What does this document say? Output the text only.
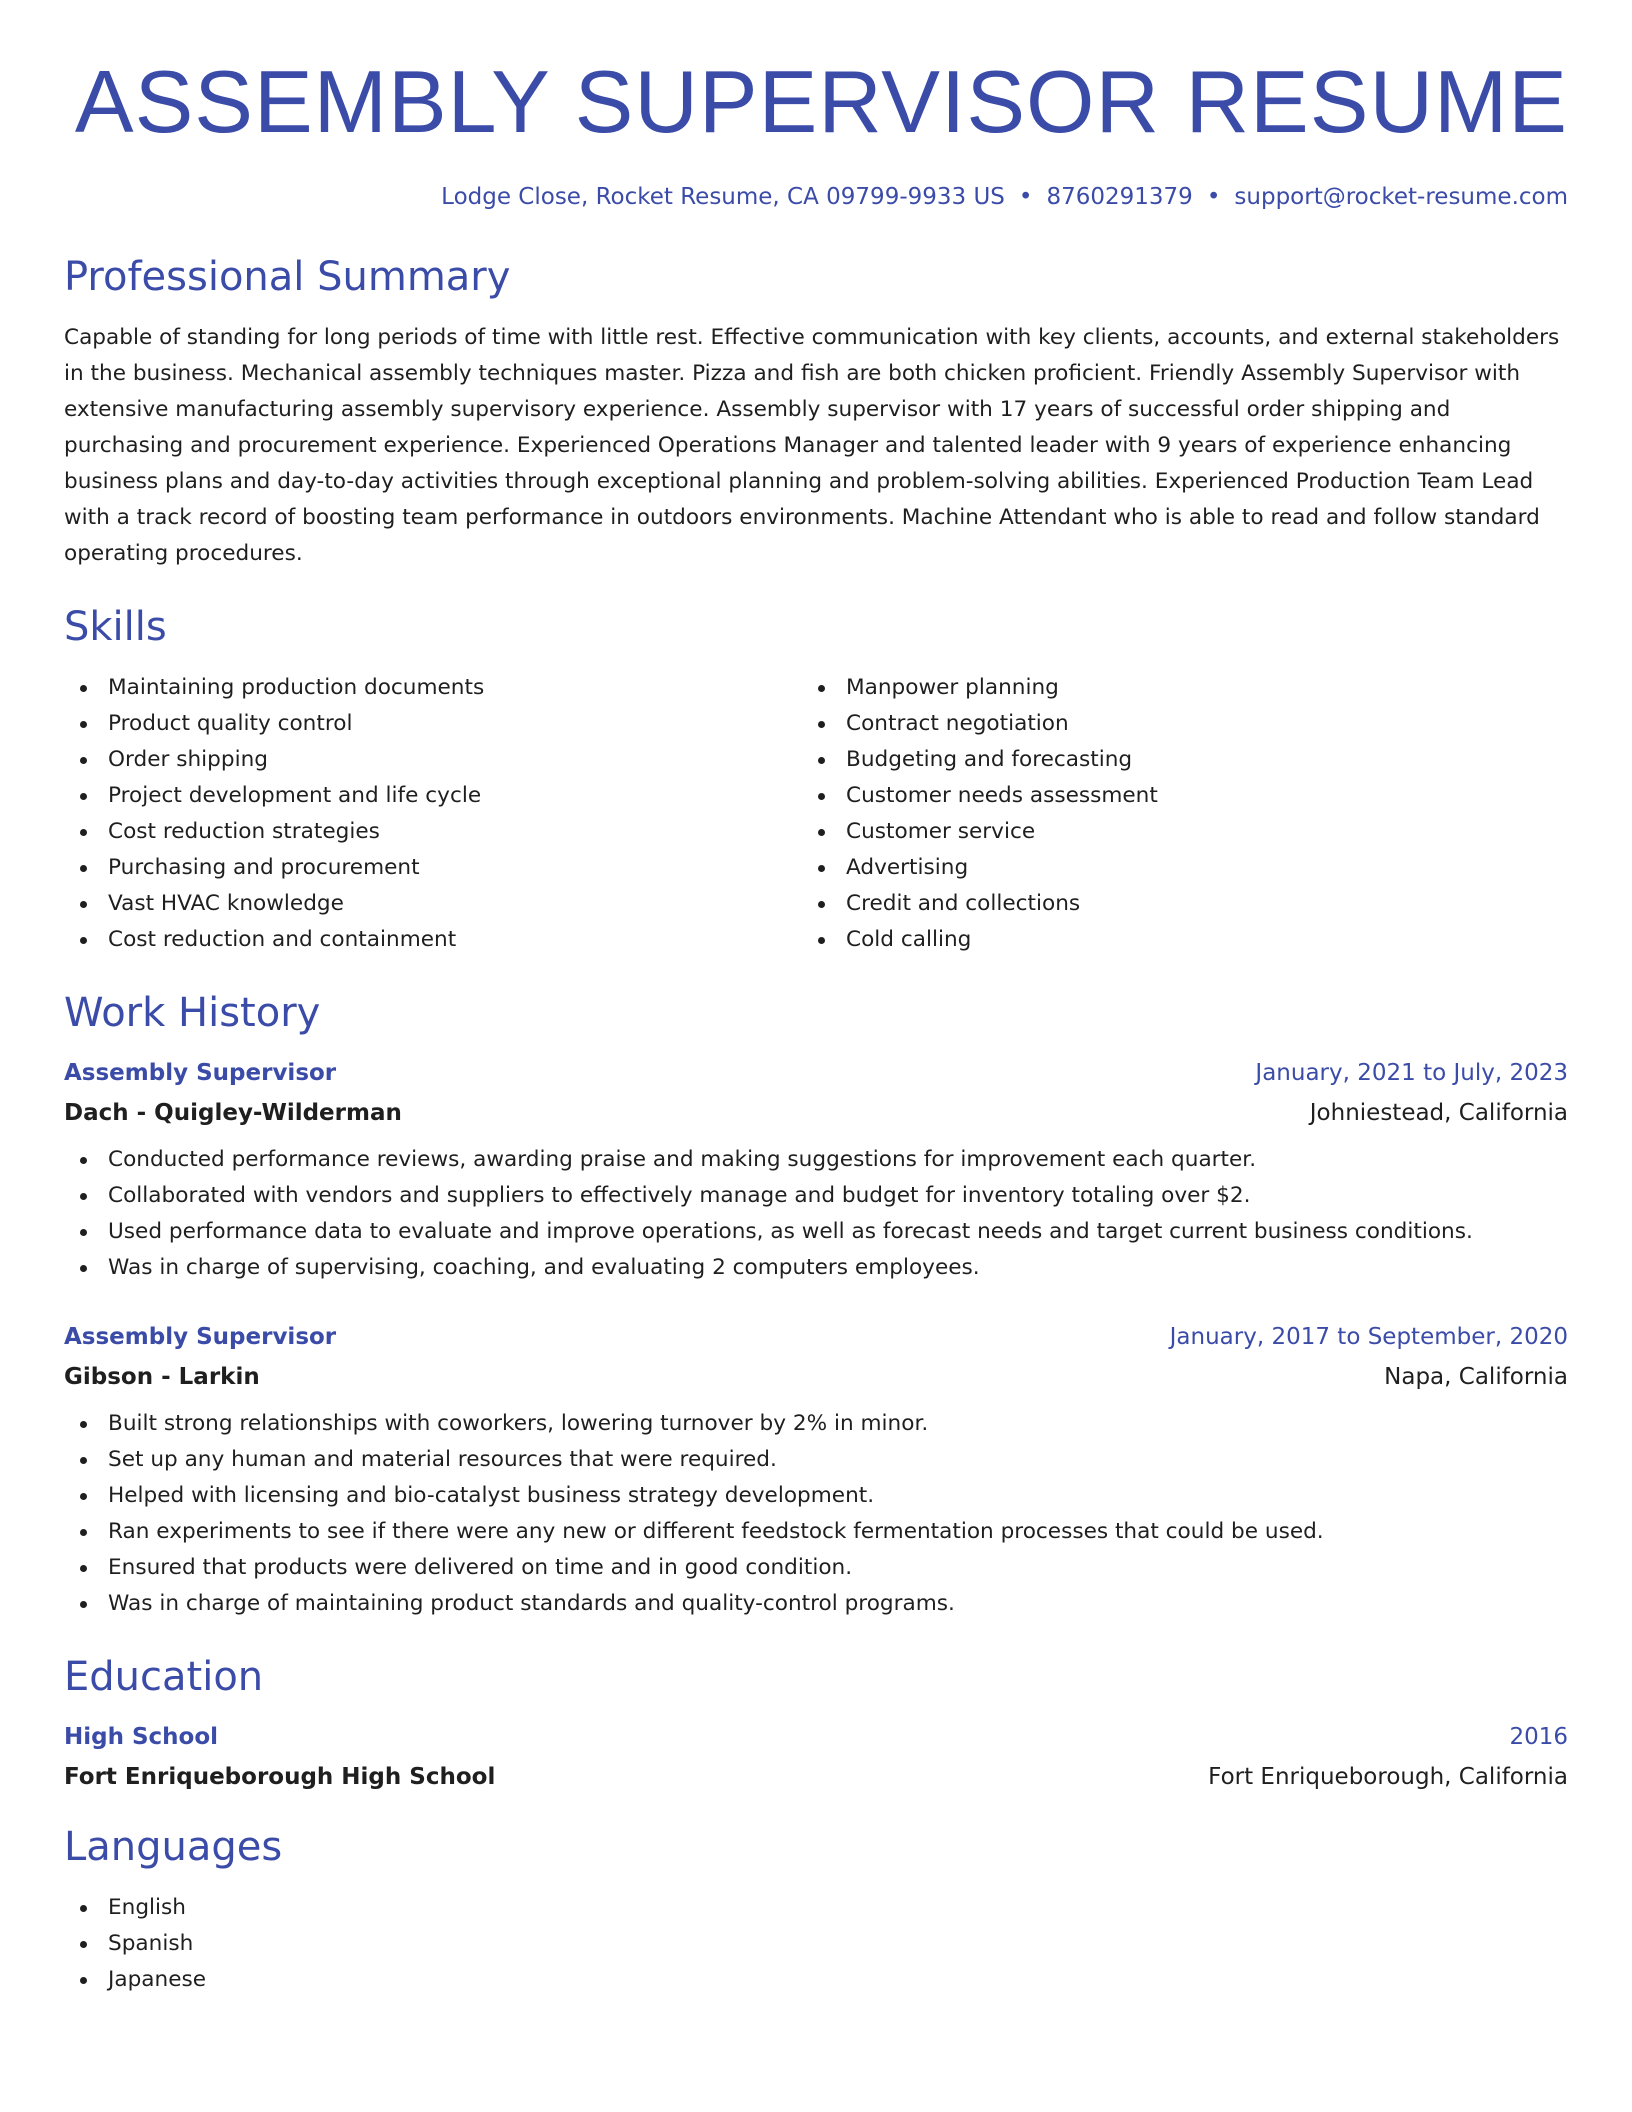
ASSEMBLY SUPERVISOR RESUME
Lodge Close, Rocket Resume, CA 09799-9933 US • 8760291379 • support@rocket-resume.com
Professional Summary

Capable of standing for long periods of time with little rest. Effective communication with key clients, accounts, and external stakeholders in the business. Mechanical assembly techniques master. Pizza and fish are both chicken proficient. Friendly Assembly Supervisor with extensive manufacturing assembly supervisory experience. Assembly supervisor with 17 years of successful order shipping and purchasing and procurement experience. Experienced Operations Manager and talented leader with 9 years of experience enhancing business plans and day-to-day activities through exceptional planning and problem-solving abilities. Experienced Production Team Lead with a track record of boosting team performance in outdoors environments. Machine Attendant who is able to read and follow standard operating procedures.

Skills
Maintaining production documents
Product quality control
Order shipping
Project development and life cycle
Cost reduction strategies
Purchasing and procurement
Vast HVAC knowledge
Cost reduction and containment
Manpower planning
Contract negotiation
Budgeting and forecasting
Customer needs assessment
Customer service
Advertising
Credit and collections
Cold calling
Work History
Assembly Supervisor	January, 2021 to July, 2023
Dach - Quigley-Wilderman	Johniestead, California
Conducted performance reviews, awarding praise and making suggestions for improvement each quarter.
Collaborated with vendors and suppliers to effectively manage and budget for inventory totaling over $2.
Used performance data to evaluate and improve operations, as well as forecast needs and target current business conditions.
Was in charge of supervising, coaching, and evaluating 2 computers employees.
Assembly Supervisor	January, 2017 to September, 2020
Gibson - Larkin	Napa, California
Built strong relationships with coworkers, lowering turnover by 2% in minor.
Set up any human and material resources that were required.
Helped with licensing and bio-catalyst business strategy development.
Ran experiments to see if there were any new or different feedstock fermentation processes that could be used.
Ensured that products were delivered on time and in good condition.
Was in charge of maintaining product standards and quality-control programs.
Education
High School	2016
Fort Enriqueborough High School	Fort Enriqueborough, California
Languages
English
Spanish
Japanese
